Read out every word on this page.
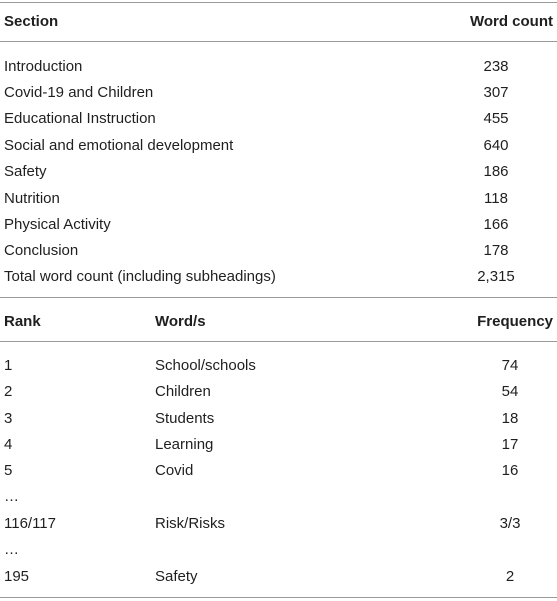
Section	Word count
Introduction	238
Covid-19 and Children	307
Educational Instruction	455
Social and emotional development	640
Safety	186
Nutrition	118
Physical Activity	166
Conclusion	178
Total word count (including subheadings)	2,315
Rank	Word/s	Frequency
1	School/schools	74
2	Children	54
3	Students	18
4	Learning	17
5	Covid	16
…
116/117	Risk/Risks	3/3
…
195	Safety	2
